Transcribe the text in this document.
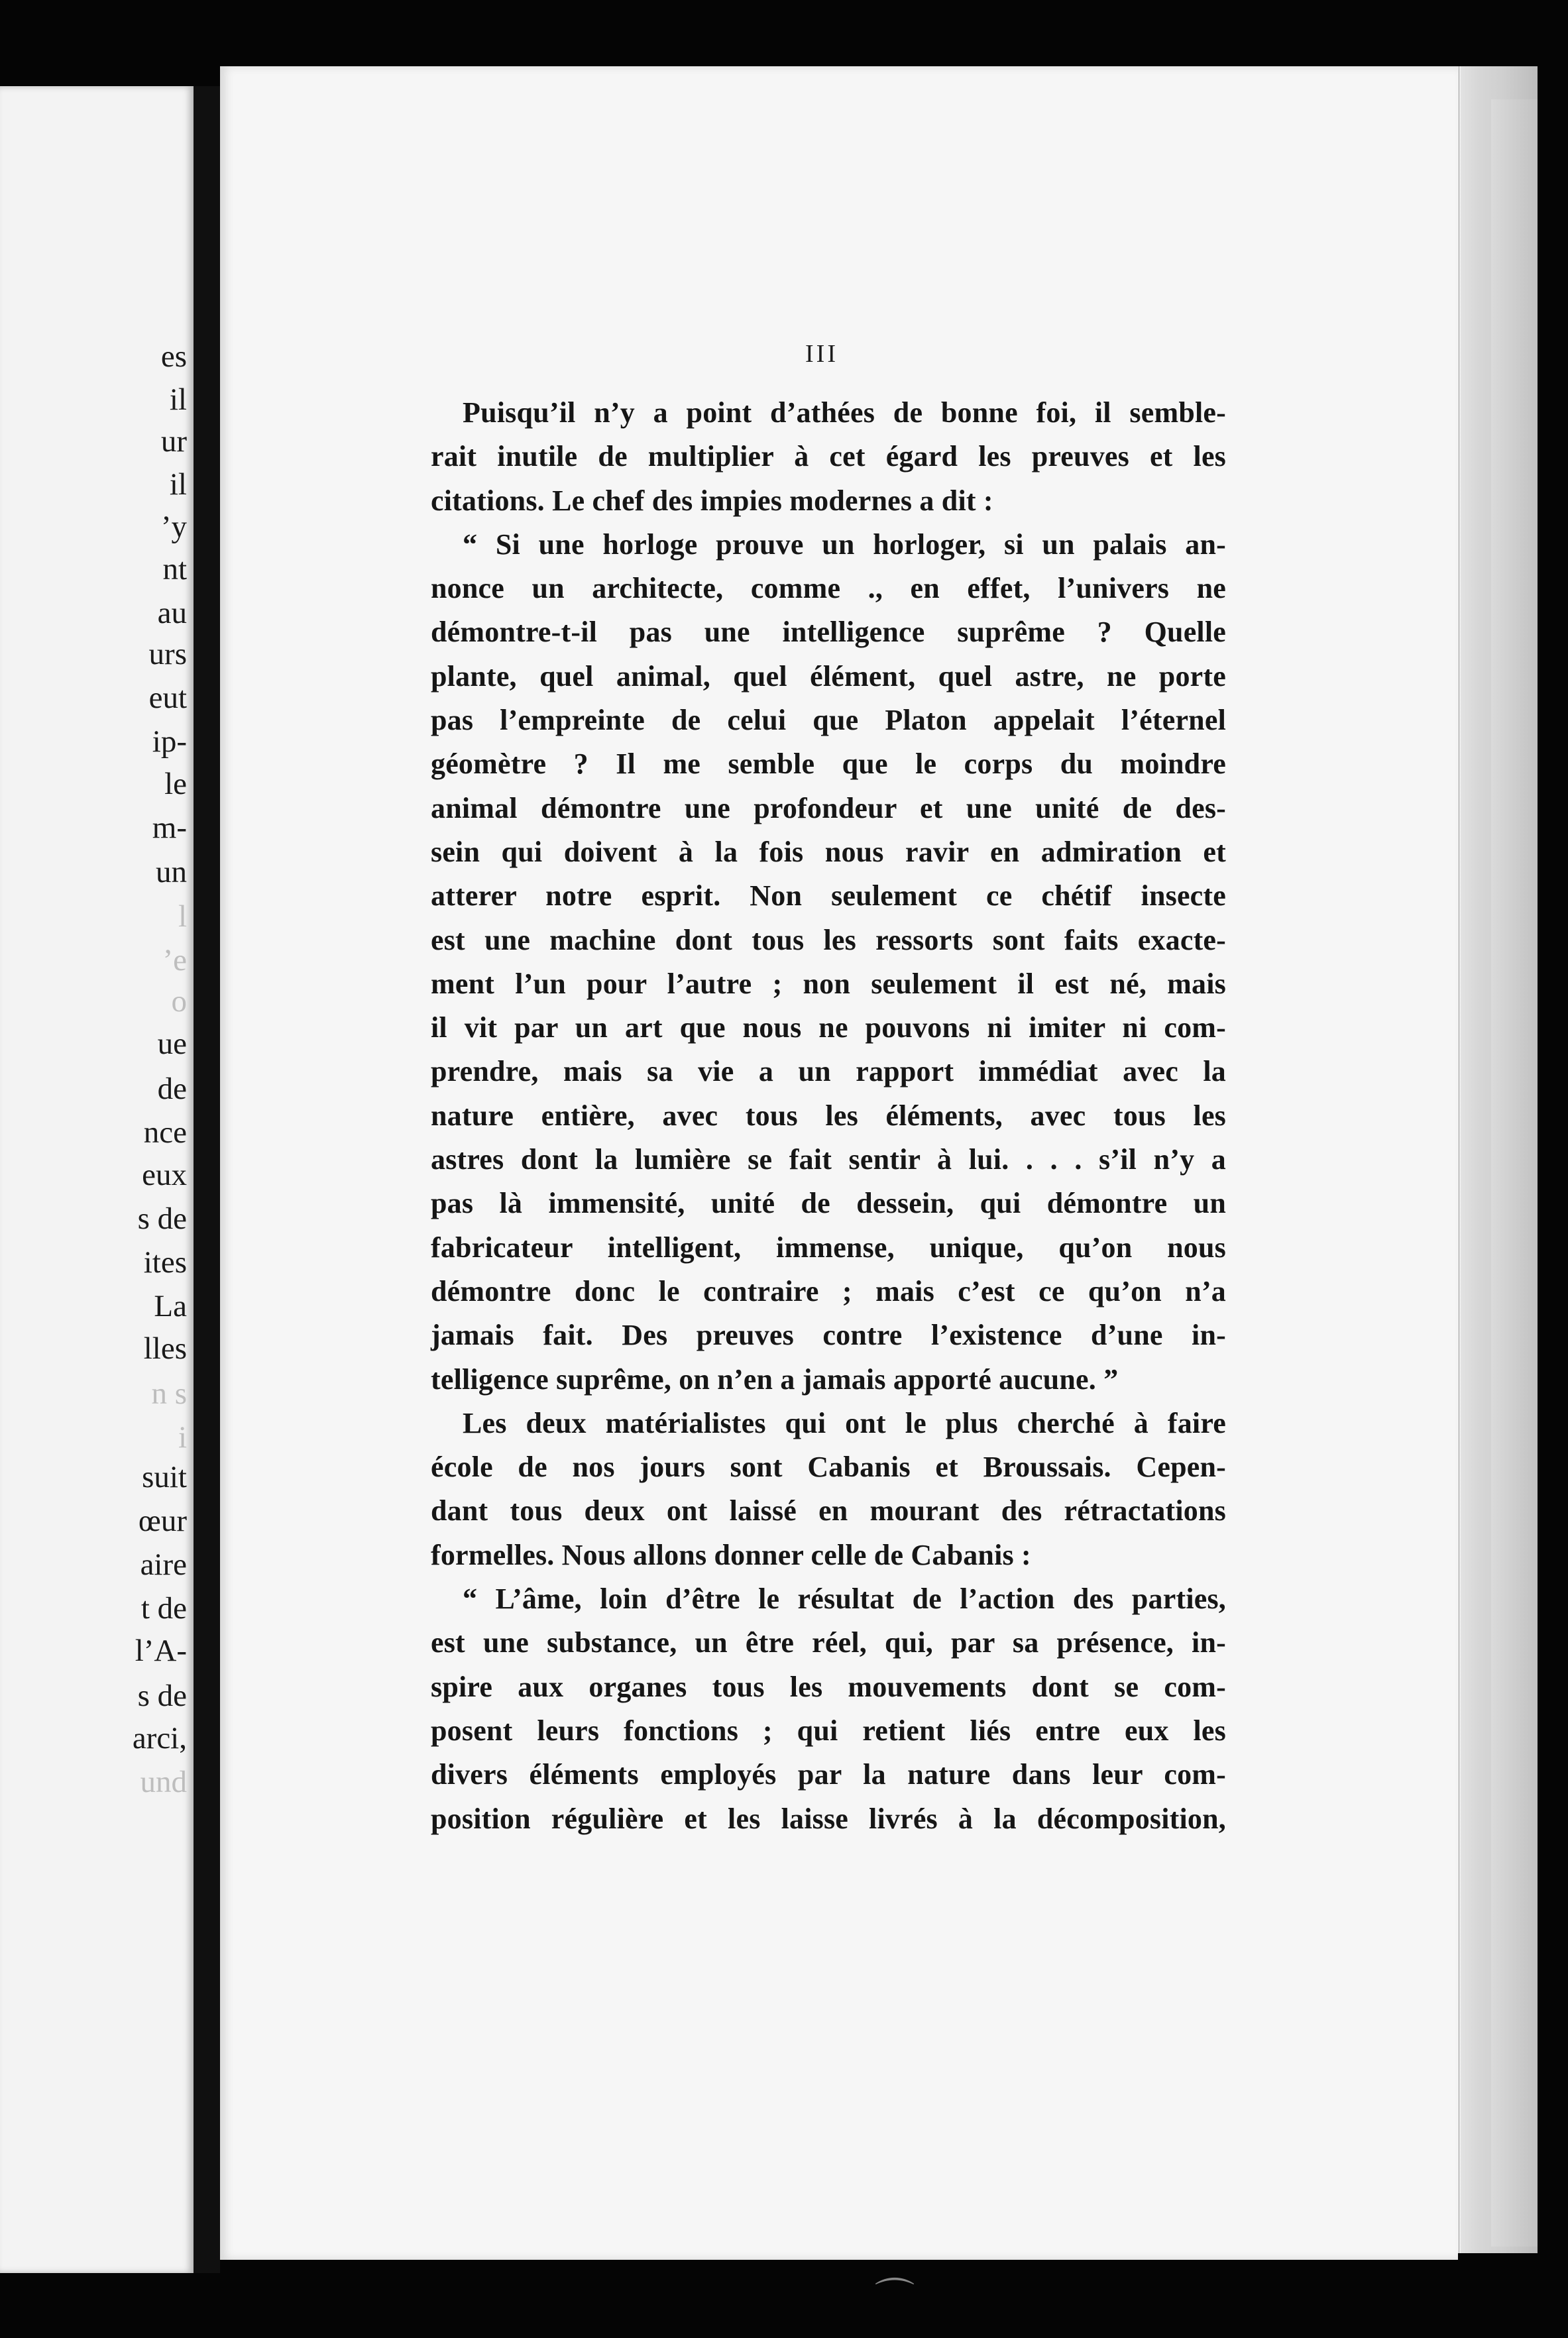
es
il
ur
il
’y
nt
au
urs
eut
ip-
le
m-
un
l
’e
o
ue
de
nce
eux
s de
ites
La
lles
n s
i
suit
œur
aire
t de
l’A-
s de
arci,
und
III
Puisqu’il n’y a point d’athées de bonne foi, il semble-
rait inutile de multiplier à cet égard les preuves et les
citations. Le chef des impies modernes a dit :
“ Si une horloge prouve un horloger, si un palais an-
nonce un architecte, comme ., en effet, l’univers ne
démontre-t-il pas une intelligence suprême ? Quelle
plante, quel animal, quel élément, quel astre, ne porte
pas l’empreinte de celui que Platon appelait l’éternel
géomètre ? Il me semble que le corps du moindre
animal démontre une profondeur et une unité de des-
sein qui doivent à la fois nous ravir en admiration et
atterer notre esprit. Non seulement ce chétif insecte
est une machine dont tous les ressorts sont faits exacte-
ment l’un pour l’autre ; non seulement il est né, mais
il vit par un art que nous ne pouvons ni imiter ni com-
prendre, mais sa vie a un rapport immédiat avec la
nature entière, avec tous les éléments, avec tous les
astres dont la lumière se fait sentir à lui. . . . s’il n’y a
pas là immensité, unité de dessein, qui démontre un
fabricateur intelligent, immense, unique, qu’on nous
démontre donc le contraire ; mais c’est ce qu’on n’a
jamais fait. Des preuves contre l’existence d’une in-
telligence suprême, on n’en a jamais apporté aucune. ”
Les deux matérialistes qui ont le plus cherché à faire
école de nos jours sont Cabanis et Broussais. Cepen-
dant tous deux ont laissé en mourant des rétractations
formelles. Nous allons donner celle de Cabanis :
“ L’âme, loin d’être le résultat de l’action des parties,
est une substance, un être réel, qui, par sa présence, in-
spire aux organes tous les mouvements dont se com-
posent leurs fonctions ; qui retient liés entre eux les
divers éléments employés par la nature dans leur com-
position régulière et les laisse livrés à la décomposition,
⌒
